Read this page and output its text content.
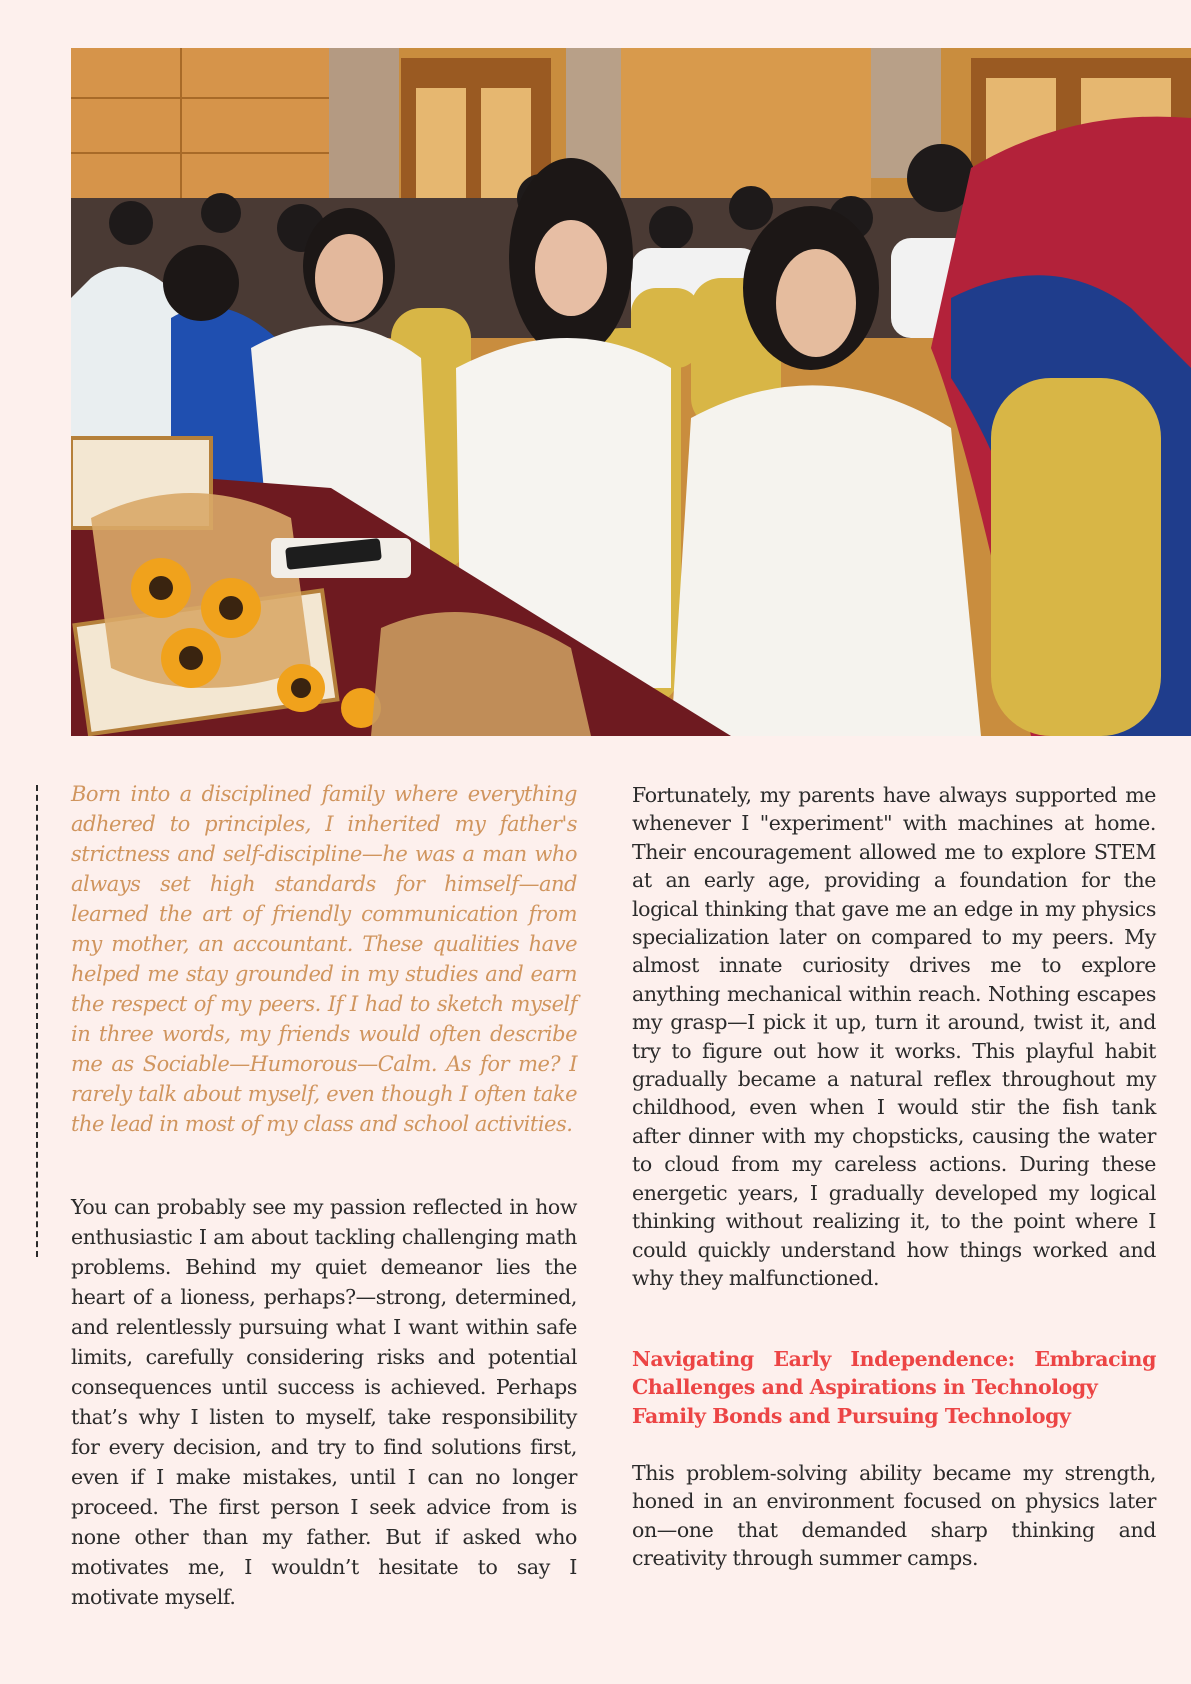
Born into a disciplined family where everything adhered to principles, I inherited my father's strictness and self-discipline—he was a man who always set high standards for himself—and learned the art of friendly communication from my mother, an accountant. These qualities have helped me stay grounded in my studies and earn the respect of my peers. If I had to sketch myself in three words, my friends would often describe me as Sociable—Humorous—Calm. As for me? I rarely talk about myself, even though I often take the lead in most of my class and school activities.
You can probably see my passion reflected in how enthusiastic I am about tackling challenging math problems. Behind my quiet demeanor lies the heart of a lioness, perhaps?—strong, determined, and relentlessly pursuing what I want within safe limits, carefully considering risks and potential consequences until success is achieved. Perhaps that’s why I listen to myself, take responsibility for every decision, and try to find solutions first, even if I make mistakes, until I can no longer proceed. The first person I seek advice from is none other than my father. But if asked who motivates me, I wouldn’t hesitate to say I motivate myself.
Fortunately, my parents have always supported me whenever I "experiment" with machines at home. Their encouragement allowed me to explore STEM at an early age, providing a foundation for the logical thinking that gave me an edge in my physics specialization later on compared to my peers. My almost innate curiosity drives me to explore anything mechanical within reach. Nothing escapes my grasp—I pick it up, turn it around, twist it, and try to figure out how it works. This playful habit gradually became a natural reflex throughout my childhood, even when I would stir the fish tank after dinner with my chopsticks, causing the water to cloud from my careless actions. During these energetic years, I gradually developed my logical thinking without realizing it, to the point where I could quickly understand how things worked and why they malfunctioned.
Navigating Early Independence: Embracing Challenges and Aspirations in Technology
Family Bonds and Pursuing Technology
This problem-solving ability became my strength, honed in an environment focused on physics later on—one that demanded sharp thinking and creativity through summer camps.
